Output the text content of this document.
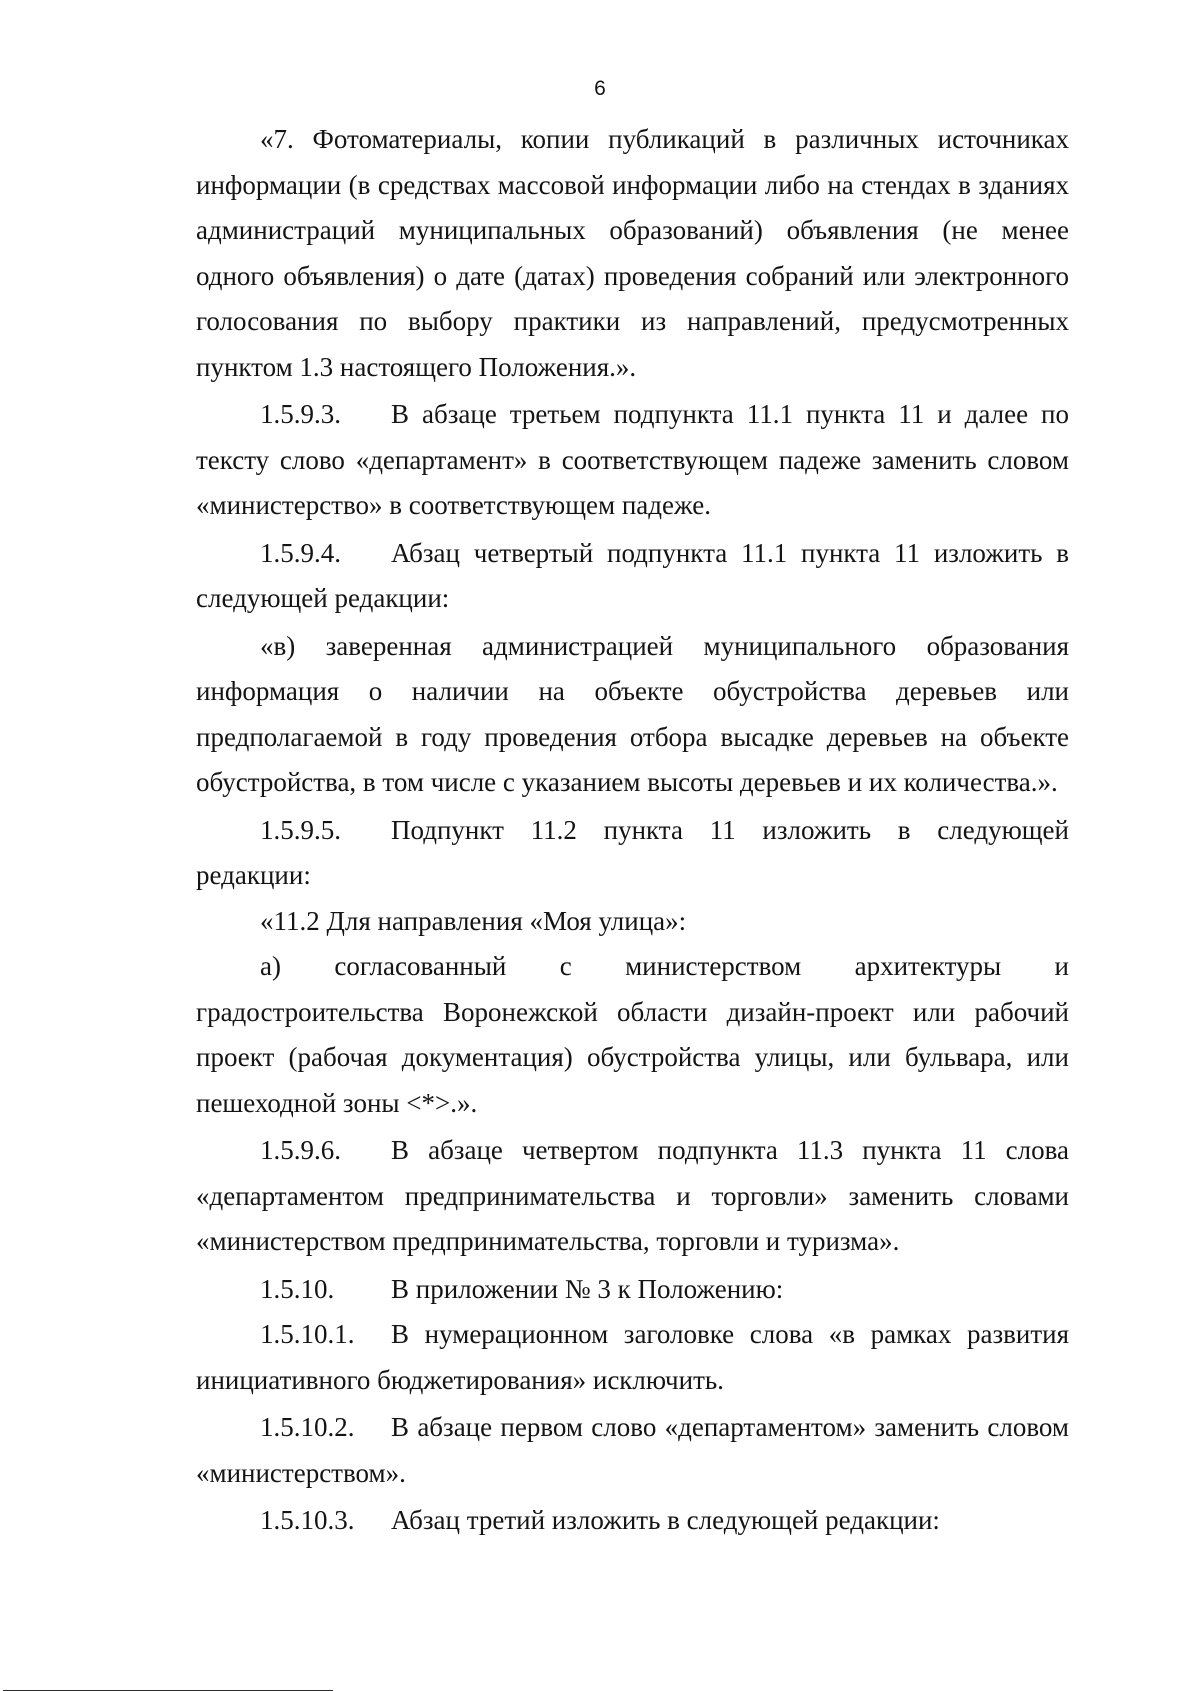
6

«7. Фотоматериалы, копии публикаций в различных источниках информации (в средствах массовой информации либо на стендах в зданиях администраций муниципальных образований) объявления (не менее одного объявления) о дате (датах) проведения собраний или электронного голосования по выбору практики из направлений, предусмотренных пунктом 1.3 настоящего Положения.».

1.5.9.3. В абзаце третьем подпункта 11.1 пункта 11 и далее по тексту слово «департамент» в соответствующем падеже заменить словом «министерство» в соответствующем падеже.

1.5.9.4. Абзац четвертый подпункта 11.1 пункта 11 изложить в следующей редакции:

«в) заверенная администрацией муниципального образования информация о наличии на объекте обустройства деревьев или предполагаемой в году проведения отбора высадке деревьев на объекте обустройства, в том числе с указанием высоты деревьев и их количества.».

1.5.9.5. Подпункт 11.2 пункта 11 изложить в следующей редакции:

«11.2 Для направления «Моя улица»:

а) согласованный с министерством архитектуры и градостроительства Воронежской области дизайн-проект или рабочий проект (рабочая документация) обустройства улицы, или бульвара, или пешеходной зоны <*>.».

1.5.9.6. В абзаце четвертом подпункта 11.3 пункта 11 слова «департаментом предпринимательства и торговли» заменить словами «министерством предпринимательства, торговли и туризма».

1.5.10. В приложении № 3 к Положению:

1.5.10.1. В нумерационном заголовке слова «в рамках развития инициативного бюджетирования» исключить.

1.5.10.2. В абзаце первом слово «департаментом» заменить словом «министерством».

1.5.10.3. Абзац третий изложить в следующей редакции:
